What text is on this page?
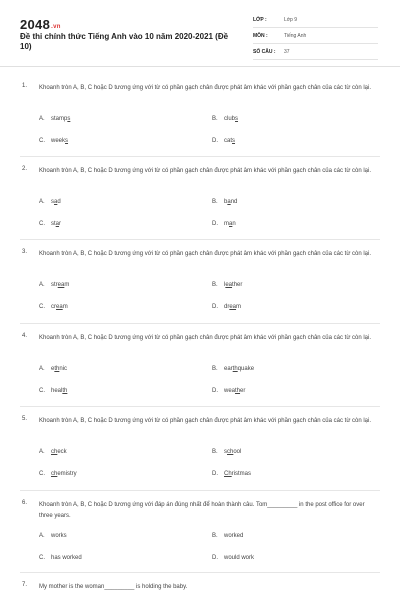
2048.vn
Đề thi chính thức Tiếng Anh vào 10 năm 2020-2021 (Đề 10)
LỚP :	Lớp 9
MÔN :	Tiếng Anh
SỐ CÂU : 37
1. Khoanh tròn A, B, C hoặc D tương ứng với từ có phần gạch chân được phát âm khác với phần gạch chân của các từ còn lại.
A. stamps	B. clubs
C. weeks	D. cats
2. Khoanh tròn A, B, C hoặc D tương ứng với từ có phần gạch chân được phát âm khác với phần gạch chân của các từ còn lại.
A. sad	B. band
C. star	D. man
3. Khoanh tròn A, B, C hoặc D tương ứng với từ có phần gạch chân được phát âm khác với phần gạch chân của các từ còn lại.
A. stream	B. leather
C. cream	D. dream
4. Khoanh tròn A, B, C hoặc D tương ứng với từ có phần gạch chân được phát âm khác với phần gạch chân của các từ còn lại.
A. ethnic	B. earthquake
C. health	D. weather
5. Khoanh tròn A, B, C hoặc D tương ứng với từ có phần gạch chân được phát âm khác với phần gạch chân của các từ còn lại.
A. check	B. school
C. chemistry	D. Christmas
6. Khoanh tròn A, B, C hoặc D tương ứng với đáp án đúng nhất để hoàn thành câu. Tom_________ in the post office for over three years.
A. works	B. worked
C. has worked	D. would work
7. My mother is the woman_________ is holding the baby.
